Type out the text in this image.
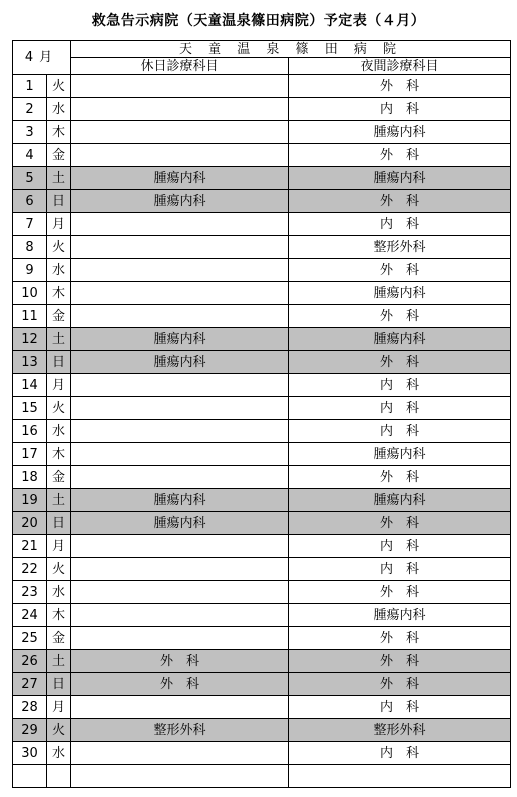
救急告示病院（天童温泉篠田病院）予定表（４月）
4月		天 童 温 泉 篠 田 病 院	
		休日診療科目	夜間診療科目
1	火		外　科
2	水		内　科
3	木		腫瘍内科
4	金		外　科
5	土	腫瘍内科	腫瘍内科
6	日	腫瘍内科	外　科
7	月		内　科
8	火		整形外科
9	水		外　科
10	木		腫瘍内科
11	金		外　科
12	土	腫瘍内科	腫瘍内科
13	日	腫瘍内科	外　科
14	月		内　科
15	火		内　科
16	水		内　科
17	木		腫瘍内科
18	金		外　科
19	土	腫瘍内科	腫瘍内科
20	日	腫瘍内科	外　科
21	月		内　科
22	火		内　科
23	水		外　科
24	木		腫瘍内科
25	金		外　科
26	土	外　科	外　科
27	日	外　科	外　科
28	月		内　科
29	火	整形外科	整形外科
30	水		内　科
